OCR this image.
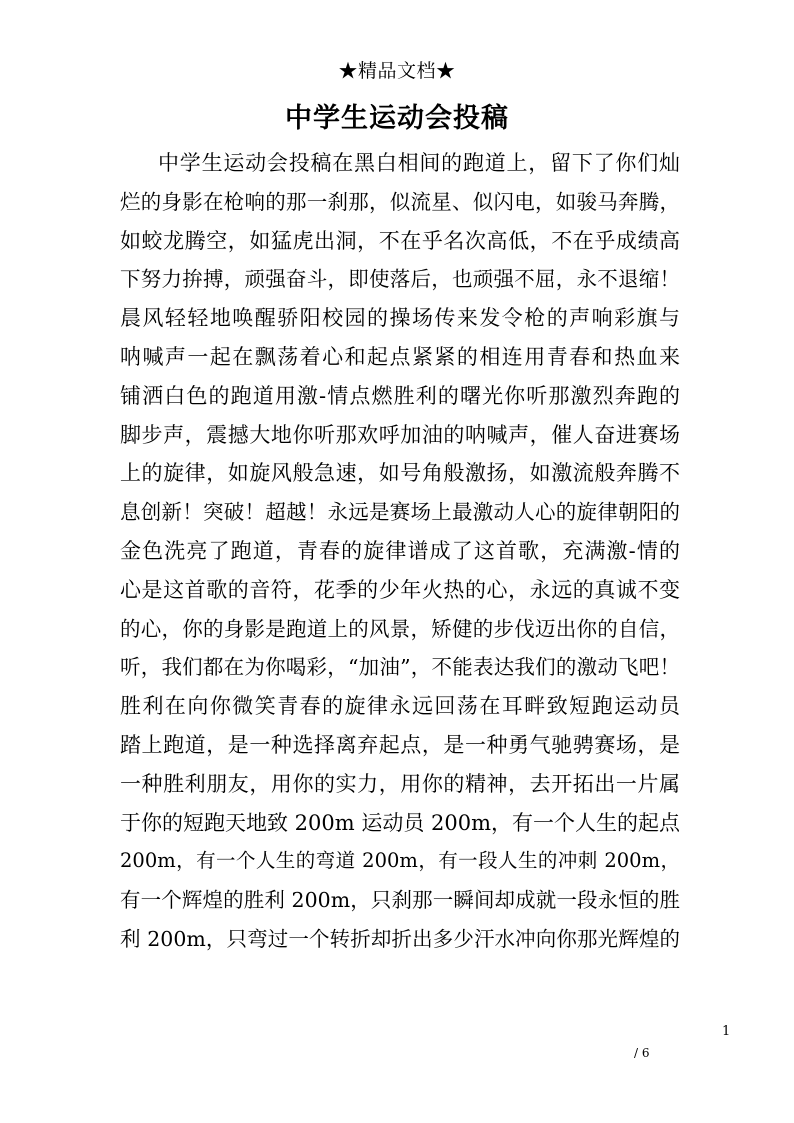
★精品文档★
中学生运动会投稿
中学生运动会投稿在黑白相间的跑道上，留下了你们灿
烂的身影在枪响的那一刹那，似流星、似闪电，如骏马奔腾，
如蛟龙腾空，如猛虎出洞，不在乎名次高低，不在乎成绩高
下努力拚搏，顽强奋斗，即使落后，也顽强不屈，永不退缩！
晨风轻轻地唤醒骄阳校园的操场传来发令枪的声响彩旗与
呐喊声一起在飘荡着心和起点紧紧的相连用青春和热血来
铺洒白色的跑道用激-情点燃胜利的曙光你听那激烈奔跑的
脚步声，震撼大地你听那欢呼加油的呐喊声，催人奋进赛场
上的旋律，如旋风般急速，如号角般激扬，如激流般奔腾不
息创新！突破！超越！永远是赛场上最激动人心的旋律朝阳的
金色洗亮了跑道，青春的旋律谱成了这首歌，充满激-情的
心是这首歌的音符，花季的少年火热的心，永远的真诚不变
的心，你的身影是跑道上的风景，矫健的步伐迈出你的自信，
听，我们都在为你喝彩，“加油”，不能表达我们的激动飞吧！
胜利在向你微笑青春的旋律永远回荡在耳畔致短跑运动员
踏上跑道，是一种选择离弃起点，是一种勇气驰骋赛场，是
一种胜利朋友，用你的实力，用你的精神，去开拓出一片属
于你的短跑天地致 200m 运动员 200m，有一个人生的起点
200m，有一个人生的弯道 200m，有一段人生的冲刺 200m，
有一个辉煌的胜利 200m，只刹那一瞬间却成就一段永恒的胜
利 200m，只弯过一个转折却折出多少汗水冲向你那光辉煌的
1
/ 6
